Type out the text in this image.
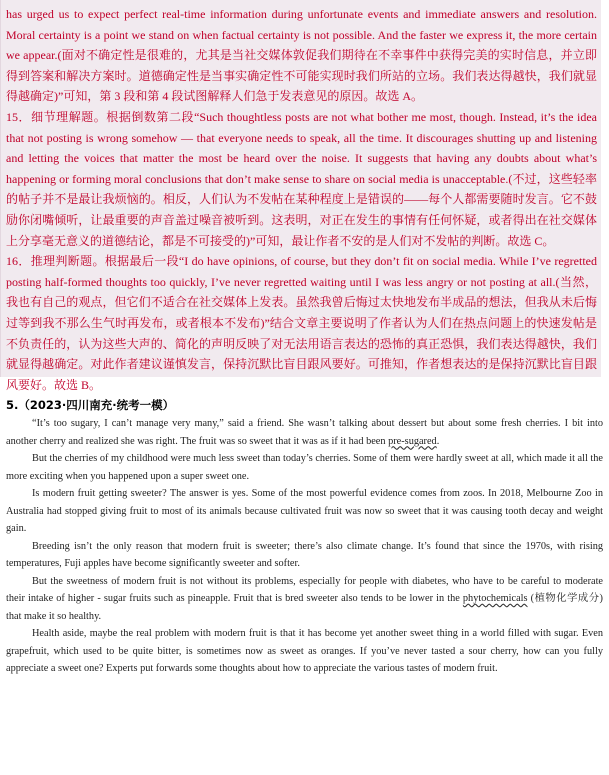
has urged us to expect perfect real-time information during unfortunate events and immediate answers and resolution. Moral certainty is a point we stand on when factual certainty is not possible. And the faster we express it, the more certain we appear.(面对不确定性是很难的，尤其是当社交媒体敦促我们期待在不幸事件中获得完美的实时信息，并立即得到答案和解决方案时。道德确定性是当事实确定性不可能实现时我们所站的立场。我们表达得越快，我们就显得越确定)”可知，第 3 段和第 4 段试图解释人们急于发表意见的原因。故选 A。

15．细节理解题。根据倒数第二段“Such thoughtless posts are not what bother me most, though. Instead, it’s the idea that not posting is wrong somehow — that everyone needs to speak, all the time. It discourages shutting up and listening and letting the voices that matter the most be heard over the noise. It suggests that having any doubts about what’s happening or forming moral conclusions that don’t make sense to share on social media is unacceptable.(不过，这些轻率的帖子并不是最让我烦恼的。相反，人们认为不发帖在某种程度上是错误的——每个人都需要随时发言。它不鼓励你闭嘴倾听，让最重要的声音盖过噪音被听到。这表明，对正在发生的事情有任何怀疑，或者得出在社交媒体上分享毫无意义的道德结论，都是不可接受的)”可知，最让作者不安的是人们对不发帖的判断。故选 C。

16．推理判断题。根据最后一段“I do have opinions, of course, but they don’t fit on social media. While I’ve regretted posting half-formed thoughts too quickly, I’ve never regretted waiting until I was less angry or not posting at all.(当然，我也有自己的观点，但它们不适合在社交媒体上发表。虽然我曾后悔过太快地发布半成品的想法，但我从未后悔过等到我不那么生气时再发布，或者根本不发布)”结合文章主要说明了作者认为人们在热点问题上的快速发帖是不负责任的，认为这些大声的、简化的声明反映了对无法用语言表达的恐怖的真正恐惧，我们表达得越快，我们就显得越确定。对此作者建议谨慎发言，保持沉默比盲目跟风要好。可推知，作者想表达的是保持沉默比盲目跟风要好。故选 B。

5.（2023·四川南充·统考一模）

“It’s too sugary, I can’t manage very many,” said a friend. She wasn’t talking about dessert but about some fresh cherries. I bit into another cherry and realized she was right. The fruit was so sweet that it was as if it had been pre-sugared.

But the cherries of my childhood were much less sweet than today’s cherries. Some of them were hardly sweet at all, which made it all the more exciting when you happened upon a super sweet one.

Is modern fruit getting sweeter? The answer is yes. Some of the most powerful evidence comes from zoos. In 2018, Melbourne Zoo in Australia had stopped giving fruit to most of its animals because cultivated fruit was now so sweet that it was causing tooth decay and weight gain.

Breeding isn’t the only reason that modern fruit is sweeter; there’s also climate change. It’s found that since the 1970s, with rising temperatures, Fuji apples have become significantly sweeter and softer.

But the sweetness of modern fruit is not without its problems, especially for people with diabetes, who have to be careful to moderate their intake of higher - sugar fruits such as pineapple. Fruit that is bred sweeter also tends to be lower in the phytochemicals (植物化学成分) that make it so healthy.

Health aside, maybe the real problem with modern fruit is that it has become yet another sweet thing in a world filled with sugar. Even grapefruit, which used to be quite bitter, is sometimes now as sweet as oranges. If you’ve never tasted a sour cherry, how can you fully appreciate a sweet one? Experts put forwards some thoughts about how to appreciate the various tastes of modern fruit.
